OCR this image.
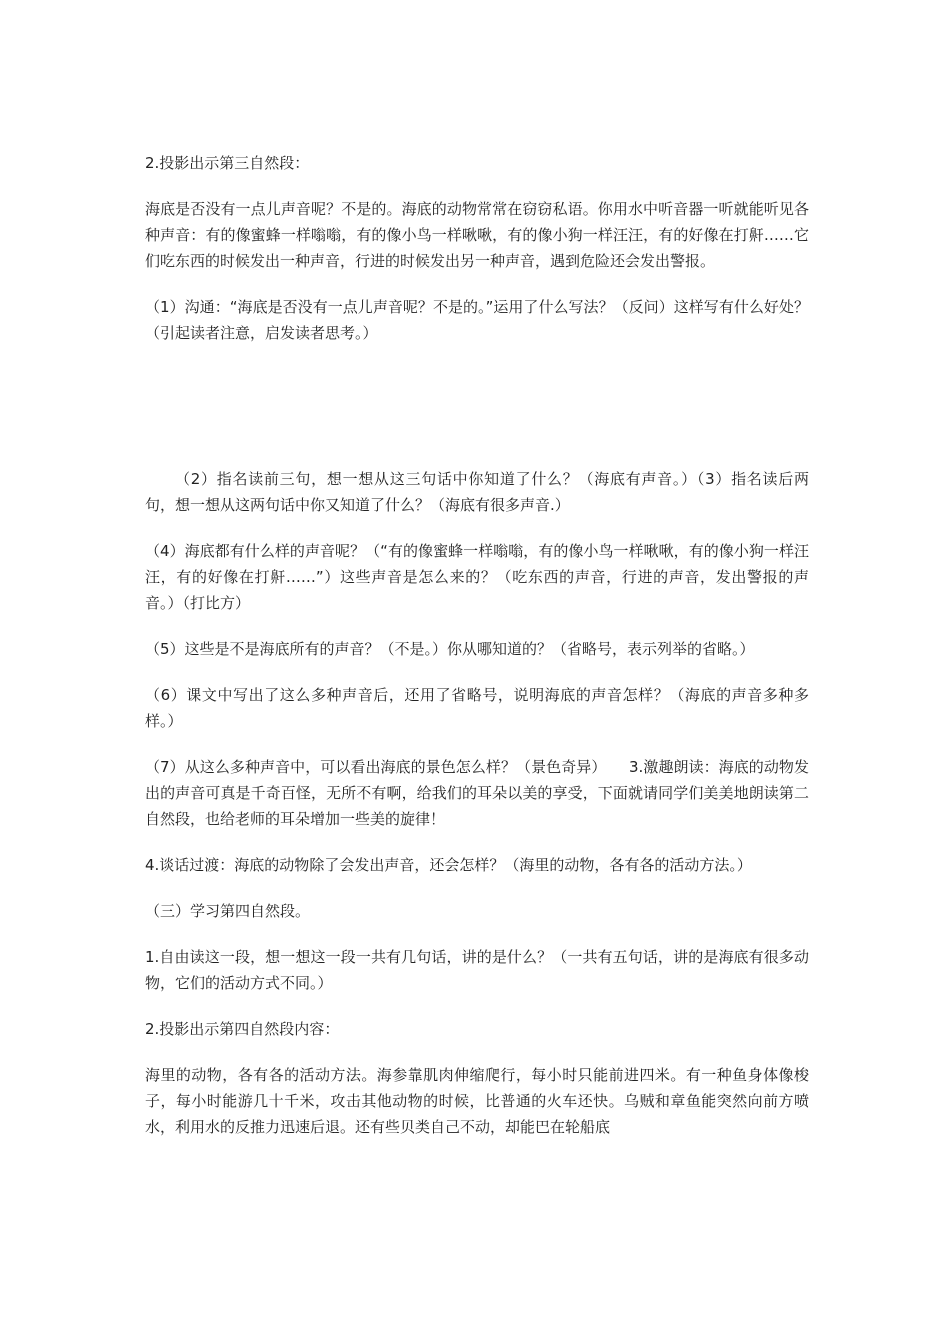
2.投影出示第三自然段：

海底是否没有一点儿声音呢？不是的。海底的动物常常在窃窃私语。你用水中听音器一听就能听见各种声音：有的像蜜蜂一样嗡嗡，有的像小鸟一样啾啾，有的像小狗一样汪汪，有的好像在打鼾……它们吃东西的时候发出一种声音，行进的时候发出另一种声音，遇到危险还会发出警报。

（1）沟通：“海底是否没有一点儿声音呢？不是的。”运用了什么写法？（反问）这样写有什么好处？（引起读者注意，启发读者思考。）

（2）指名读前三句，想一想从这三句话中你知道了什么？（海底有声音。）（3）指名读后两句，想一想从这两句话中你又知道了什么？（海底有很多声音.）

（4）海底都有什么样的声音呢？（“有的像蜜蜂一样嗡嗡，有的像小鸟一样啾啾，有的像小狗一样汪汪，有的好像在打鼾……”）这些声音是怎么来的？（吃东西的声音，行进的声音，发出警报的声音。）（打比方）

（5）这些是不是海底所有的声音？（不是。）你从哪知道的？（省略号，表示列举的省略。）

（6）课文中写出了这么多种声音后，还用了省略号，说明海底的声音怎样？（海底的声音多种多样。）

（7）从这么多种声音中，可以看出海底的景色怎么样？（景色奇异）　　3.激趣朗读：海底的动物发出的声音可真是千奇百怪，无所不有啊，给我们的耳朵以美的享受，下面就请同学们美美地朗读第二自然段，也给老师的耳朵增加一些美的旋律！

4.谈话过渡：海底的动物除了会发出声音，还会怎样？（海里的动物，各有各的活动方法。）

（三）学习第四自然段。

1.自由读这一段，想一想这一段一共有几句话，讲的是什么？（一共有五句话，讲的是海底有很多动物，它们的活动方式不同。）

2.投影出示第四自然段内容：

海里的动物，各有各的活动方法。海参靠肌肉伸缩爬行，每小时只能前进四米。有一种鱼身体像梭子，每小时能游几十千米，攻击其他动物的时候，比普通的火车还快。乌贼和章鱼能突然向前方喷水，利用水的反推力迅速后退。还有些贝类自己不动，却能巴在轮船底
